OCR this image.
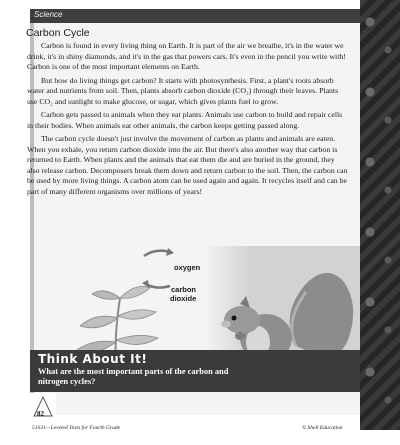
Science
Carbon Cycle

Carbon is found in every living thing on Earth. It is part of the air we breathe, it's in the water we drink, it's in shiny diamonds, and it's in the gas that powers cars. It's even in the pencil you write with! Carbon is one of the most important elements on Earth.

But how do living things get carbon? It starts with photosynthesis. First, a plant's roots absorb water and nutrients from soil. Then, plants absorb carbon dioxide (CO₂) through their leaves. Plants use CO₂ and sunlight to make glucose, or sugar, which gives plants fuel to grow.

Carbon gets passed to animals when they eat plants. Animals use carbon to build and repair cells in their bodies. When animals eat other animals, the carbon keeps getting passed along.

The carbon cycle doesn't just involve the movement of carbon as plants and animals are eaten. When you exhale, you return carbon dioxide into the air. But there's also another way that carbon is returned to Earth. When plants and the animals that eat them die and are buried in the ground, they also release carbon. Decomposers break them down and return carbon to the soil. Then, the carbon can be used by more living things. A carbon atom can be used again and again. It recycles itself and can be part of many different organisms over millions of years!

oxygen
carbon
dioxide
Think About It!
What are the most important parts of the carbon and nitrogen cycles?
82
51631—Leveled Texts for Fourth Grade	© Shell Education
